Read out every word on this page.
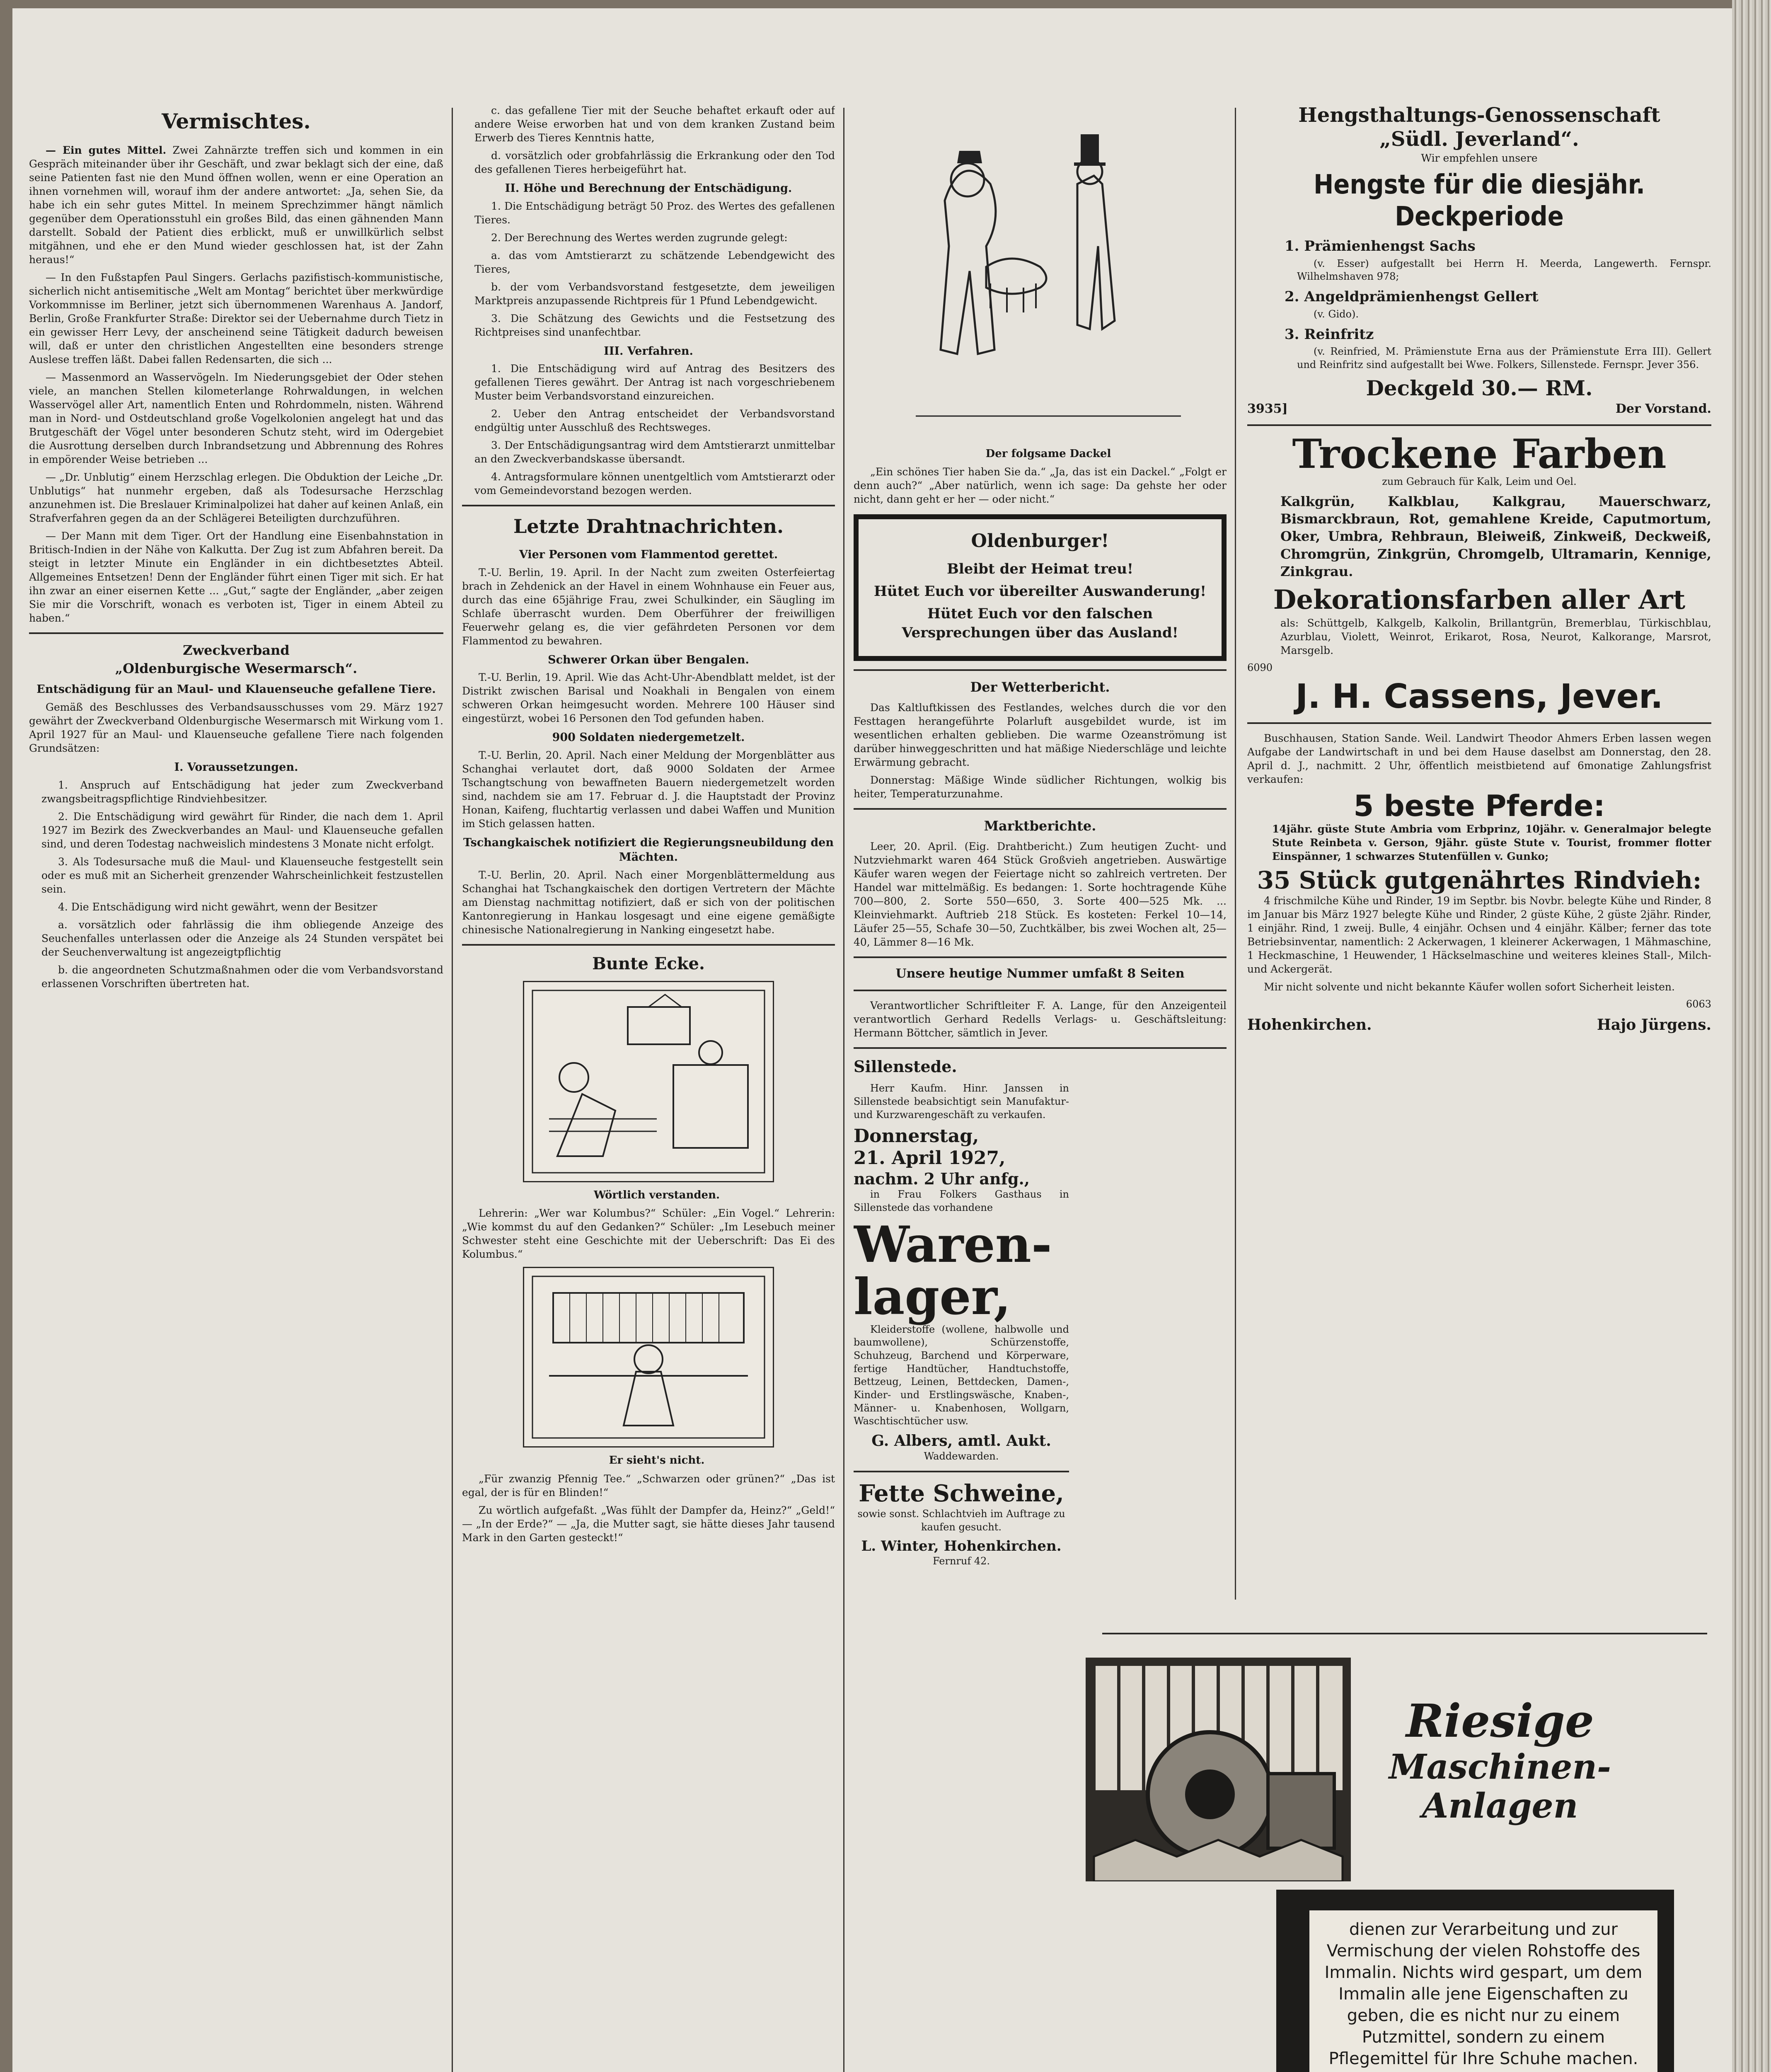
Vermischtes.

— Ein gutes Mittel. Zwei Zahnärzte treffen sich und kommen in ein Gespräch miteinander über ihr Geschäft, und zwar beklagt sich der eine, daß seine Patienten fast nie den Mund öffnen wollen, wenn er eine Operation an ihnen vornehmen will, worauf ihm der andere antwortet: „Ja, sehen Sie, da habe ich ein sehr gutes Mittel. In meinem Sprechzimmer hängt nämlich gegenüber dem Operationsstuhl ein großes Bild, das einen gähnenden Mann darstellt. Sobald der Patient dies erblickt, muß er unwillkürlich selbst mitgähnen, und ehe er den Mund wieder geschlossen hat, ist der Zahn heraus!“

— In den Fußstapfen Paul Singers. Gerlachs pazifistisch-kommunistische, sicherlich nicht antisemitische „Welt am Montag“ berichtet über merkwürdige Vorkommnisse im Berliner, jetzt sich übernommenen Warenhaus A. Jandorf, Berlin, Große Frankfurter Straße: Direktor sei der Uebernahme durch Tietz in ein gewisser Herr Levy, der anscheinend seine Tätigkeit dadurch beweisen will, daß er unter den christlichen Angestellten eine besonders strenge Auslese treffen läßt. Dabei fallen Redensarten, die sich ...

— Massenmord an Wasservögeln. Im Niederungsgebiet der Oder stehen viele, an manchen Stellen kilometerlange Rohrwaldungen, in welchen Wasservögel aller Art, namentlich Enten und Rohrdommeln, nisten. Während man in Nord- und Ostdeutschland große Vogelkolonien angelegt hat und das Brutgeschäft der Vögel unter besonderen Schutz steht, wird im Odergebiet die Ausrottung derselben durch Inbrandsetzung und Abbrennung des Rohres in empörender Weise betrieben ...

— „Dr. Unblutig“ einem Herzschlag erlegen. Die Obduktion der Leiche „Dr. Unblutigs“ hat nunmehr ergeben, daß als Todesursache Herzschlag anzunehmen ist. Die Breslauer Kriminalpolizei hat daher auf keinen Anlaß, ein Strafverfahren gegen da an der Schlägerei Beteiligten durchzuführen.

— Der Mann mit dem Tiger. Ort der Handlung eine Eisenbahnstation in Britisch-Indien in der Nähe von Kalkutta. Der Zug ist zum Abfahren bereit. Da steigt in letzter Minute ein Engländer in ein dichtbesetztes Abteil. Allgemeines Entsetzen! Denn der Engländer führt einen Tiger mit sich. Er hat ihn zwar an einer eisernen Kette ... „Gut,“ sagte der Engländer, „aber zeigen Sie mir die Vorschrift, wonach es verboten ist, Tiger in einem Abteil zu haben.“

Zweckverband
„Oldenburgische Wesermarsch“.
Entschädigung für an Maul- und Klauenseuche gefallene Tiere.

Gemäß des Beschlusses des Verbandsausschusses vom 29. März 1927 gewährt der Zweckverband Oldenburgische Wesermarsch mit Wirkung vom 1. April 1927 für an Maul- und Klauenseuche gefallene Tiere nach folgenden Grundsätzen:

I. Voraussetzungen.

1. Anspruch auf Entschädigung hat jeder zum Zweckverband zwangsbeitragspflichtige Rindviehbesitzer.

2. Die Entschädigung wird gewährt für Rinder, die nach dem 1. April 1927 im Bezirk des Zweckverbandes an Maul- und Klauenseuche gefallen sind, und deren Todestag nachweislich mindestens 3 Monate nicht erfolgt.

3. Als Todesursache muß die Maul- und Klauenseuche festgestellt sein oder es muß mit an Sicherheit grenzender Wahrscheinlichkeit festzustellen sein.

4. Die Entschädigung wird nicht gewährt, wenn der Besitzer

a. vorsätzlich oder fahrlässig die ihm obliegende Anzeige des Seuchenfalles unterlassen oder die Anzeige als 24 Stunden verspätet bei der Seuchenverwaltung ist angezeigtpflichtig

b. die angeordneten Schutzmaßnahmen oder die vom Verbandsvorstand erlassenen Vorschriften übertreten hat.

c. das gefallene Tier mit der Seuche behaftet erkauft oder auf andere Weise erworben hat und von dem kranken Zustand beim Erwerb des Tieres Kenntnis hatte,

d. vorsätzlich oder grobfahrlässig die Erkrankung oder den Tod des gefallenen Tieres herbeigeführt hat.

II. Höhe und Berechnung der Entschädigung.

1. Die Entschädigung beträgt 50 Proz. des Wertes des gefallenen Tieres.

2. Der Berechnung des Wertes werden zugrunde gelegt:

a. das vom Amtstierarzt zu schätzende Lebendgewicht des Tieres,

b. der vom Verbandsvorstand festgesetzte, dem jeweiligen Marktpreis anzupassende Richtpreis für 1 Pfund Lebendgewicht.

3. Die Schätzung des Gewichts und die Festsetzung des Richtpreises sind unanfechtbar.

III. Verfahren.

1. Die Entschädigung wird auf Antrag des Besitzers des gefallenen Tieres gewährt. Der Antrag ist nach vorgeschriebenem Muster beim Verbandsvorstand einzureichen.

2. Ueber den Antrag entscheidet der Verbandsvorstand endgültig unter Ausschluß des Rechtsweges.

3. Der Entschädigungsantrag wird dem Amtstierarzt unmittelbar an den Zweckverbandskasse übersandt.

4. Antragsformulare können unentgeltlich vom Amtstierarzt oder vom Gemeindevorstand bezogen werden.

Letzte Drahtnachrichten.
Vier Personen vom Flammentod gerettet.

T.-U. Berlin, 19. April. In der Nacht zum zweiten Osterfeiertag brach in Zehdenick an der Havel in einem Wohnhause ein Feuer aus, durch das eine 65jährige Frau, zwei Schulkinder, ein Säugling im Schlafe überrascht wurden. Dem Oberführer der freiwilligen Feuerwehr gelang es, die vier gefährdeten Personen vor dem Flammentod zu bewahren.

Schwerer Orkan über Bengalen.

T.-U. Berlin, 19. April. Wie das Acht-Uhr-Abendblatt meldet, ist der Distrikt zwischen Barisal und Noakhali in Bengalen von einem schweren Orkan heimgesucht worden. Mehrere 100 Häuser sind eingestürzt, wobei 16 Personen den Tod gefunden haben.

900 Soldaten niedergemetzelt.

T.-U. Berlin, 20. April. Nach einer Meldung der Morgenblätter aus Schanghai verlautet dort, daß 9000 Soldaten der Armee Tschangtschung von bewaffneten Bauern niedergemetzelt worden sind, nachdem sie am 17. Februar d. J. die Hauptstadt der Provinz Honan, Kaifeng, fluchtartig verlassen und dabei Waffen und Munition im Stich gelassen hatten.

Tschangkaischek notifiziert die Regierungsneubildung den Mächten.

T.-U. Berlin, 20. April. Nach einer Morgenblättermeldung aus Schanghai hat Tschangkaischek den dortigen Vertretern der Mächte am Dienstag nachmittag notifiziert, daß er sich von der politischen Kantonregierung in Hankau losgesagt und eine eigene gemäßigte chinesische Nationalregierung in Nanking eingesetzt habe.

Bunte Ecke.

Wörtlich verstanden.

Lehrerin: „Wer war Kolumbus?“ Schüler: „Ein Vogel.“ Lehrerin: „Wie kommst du auf den Gedanken?“ Schüler: „Im Lesebuch meiner Schwester steht eine Geschichte mit der Ueberschrift: Das Ei des Kolumbus.“

Er sieht's nicht.

„Für zwanzig Pfennig Tee.“ „Schwarzen oder grünen?“ „Das ist egal, der is für en Blinden!“

Zu wörtlich aufgefaßt. „Was fühlt der Dampfer da, Heinz?“ „Geld!“ — „In der Erde?“ — „Ja, die Mutter sagt, sie hätte dieses Jahr tausend Mark in den Garten gesteckt!“

Der folgsame Dackel

„Ein schönes Tier haben Sie da.“ „Ja, das ist ein Dackel.“ „Folgt er denn auch?“ „Aber natürlich, wenn ich sage: Da gehste her oder nicht, dann geht er her — oder nicht.“

Oldenburger!

Bleibt der Heimat treu!

Hütet Euch vor übereilter Auswanderung!

Hütet Euch vor den falschen Versprechungen über das Ausland!

Der Wetterbericht.

Das Kaltluftkissen des Festlandes, welches durch die vor den Festtagen herangeführte Polarluft ausgebildet wurde, ist im wesentlichen erhalten geblieben. Die warme Ozeanströmung ist darüber hinweggeschritten und hat mäßige Niederschläge und leichte Erwärmung gebracht.

Donnerstag: Mäßige Winde südlicher Richtungen, wolkig bis heiter, Temperaturzunahme.

Marktberichte.

Leer, 20. April. (Eig. Drahtbericht.) Zum heutigen Zucht- und Nutzviehmarkt waren 464 Stück Großvieh angetrieben. Auswärtige Käufer waren wegen der Feiertage nicht so zahlreich vertreten. Der Handel war mittelmäßig. Es bedangen: 1. Sorte hochtragende Kühe 700—800, 2. Sorte 550—650, 3. Sorte 400—525 Mk. ... Kleinviehmarkt. Auftrieb 218 Stück. Es kosteten: Ferkel 10—14, Läufer 25—55, Schafe 30—50, Zuchtkälber, bis zwei Wochen alt, 25—40, Lämmer 8—16 Mk.

Unsere heutige Nummer umfaßt 8 Seiten

Verantwortlicher Schriftleiter F. A. Lange, für den Anzeigenteil verantwortlich Gerhard Redells Verlags- u. Geschäftsleitung: Hermann Böttcher, sämtlich in Jever.

Sillenstede.

Herr Kaufm. Hinr. Janssen in Sillenstede beabsichtigt sein Manufaktur- und Kurzwarengeschäft zu verkaufen.

Donnerstag,
21. April 1927,
nachm. 2 Uhr anfg.,

in Frau Folkers Gasthaus in Sillenstede das vorhandene

Waren-
lager,

Kleiderstoffe (wollene, halbwolle und baumwollene), Schürzenstoffe, Schuhzeug, Barchend und Körperware, fertige Handtücher, Handtuchstoffe, Bettzeug, Leinen, Bettdecken, Damen-, Kinder- und Erstlingswäsche, Knaben-, Männer- u. Knabenhosen, Wollgarn, Waschtischtücher usw.

G. Albers, amtl. Aukt.

Waddewarden.

Fette Schweine,

sowie sonst. Schlachtvieh im Auftrage zu kaufen gesucht.

L. Winter, Hohenkirchen.

Fernruf 42.

Hengsthaltungs-Genossenschaft
„Südl. Jeverland“.

Wir empfehlen unsere

Hengste für die diesjähr. Deckperiode
1. Prämienhengst Sachs

(v. Esser) aufgestallt bei Herrn H. Meerda, Langewerth. Fernspr. Wilhelmshaven 978;

2. Angeldprämienhengst Gellert

(v. Gido).

3. Reinfritz

(v. Reinfried, M. Prämienstute Erna aus der Prämienstute Erra III). Gellert und Reinfritz sind aufgestallt bei Wwe. Folkers, Sillenstede. Fernspr. Jever 356.

Deckgeld 30.— RM.
3935]	Der Vorstand.
Trockene Farben

zum Gebrauch für Kalk, Leim und Oel.

Kalkgrün, Kalkblau, Kalkgrau, Mauerschwarz, Bismarckbraun, Rot, gemahlene Kreide, Caputmortum, Oker, Umbra, Rehbraun, Bleiweiß, Zinkweiß, Deckweiß, Chromgrün, Zinkgrün, Chromgelb, Ultramarin, Kennige, Zinkgrau.

Dekorationsfarben aller Art

als: Schüttgelb, Kalkgelb, Kalkolin, Brillantgrün, Bremerblau, Türkischblau, Azurblau, Violett, Weinrot, Erikarot, Rosa, Neurot, Kalkorange, Marsrot, Marsgelb.

6090

J. H. Cassens, Jever.

Buschhausen, Station Sande. Weil. Landwirt Theodor Ahmers Erben lassen wegen Aufgabe der Landwirtschaft in und bei dem Hause daselbst am Donnerstag, den 28. April d. J., nachmitt. 2 Uhr, öffentlich meistbietend auf 6monatige Zahlungsfrist verkaufen:

5 beste Pferde:

14jähr. güste Stute Ambria vom Erbprinz, 10jähr. v. Generalmajor belegte Stute Reinbeta v. Gerson, 9jähr. güste Stute v. Tourist, frommer flotter Einspänner, 1 schwarzes Stutenfüllen v. Gunko;

35 Stück gutgenährtes Rindvieh:

4 frischmilche Kühe und Rinder, 19 im Septbr. bis Novbr. belegte Kühe und Rinder, 8 im Januar bis März 1927 belegte Kühe und Rinder, 2 güste Kühe, 2 güste 2jähr. Rinder, 1 einjähr. Rind, 1 zweij. Bulle, 4 einjähr. Ochsen und 4 einjähr. Kälber; ferner das tote Betriebsinventar, namentlich: 2 Ackerwagen, 1 kleinerer Ackerwagen, 1 Mähmaschine, 1 Heckmaschine, 1 Heuwender, 1 Häckselmaschine und weiteres kleines Stall-, Milch- und Ackergerät.

Mir nicht solvente und nicht bekannte Käufer wollen sofort Sicherheit leisten.

6063

Hohenkirchen.	Hajo Jürgens.
Riesige
Maschinen-
Anlagen
dienen zur Verarbeitung und zur Vermischung der vielen Rohstoffe des Immalin. Nichts wird gespart, um dem Immalin alle jene Eigenschaften zu geben, die es nicht nur zu einem Putzmittel, sondern zu einem Pflegemittel für Ihre Schuhe machen.
